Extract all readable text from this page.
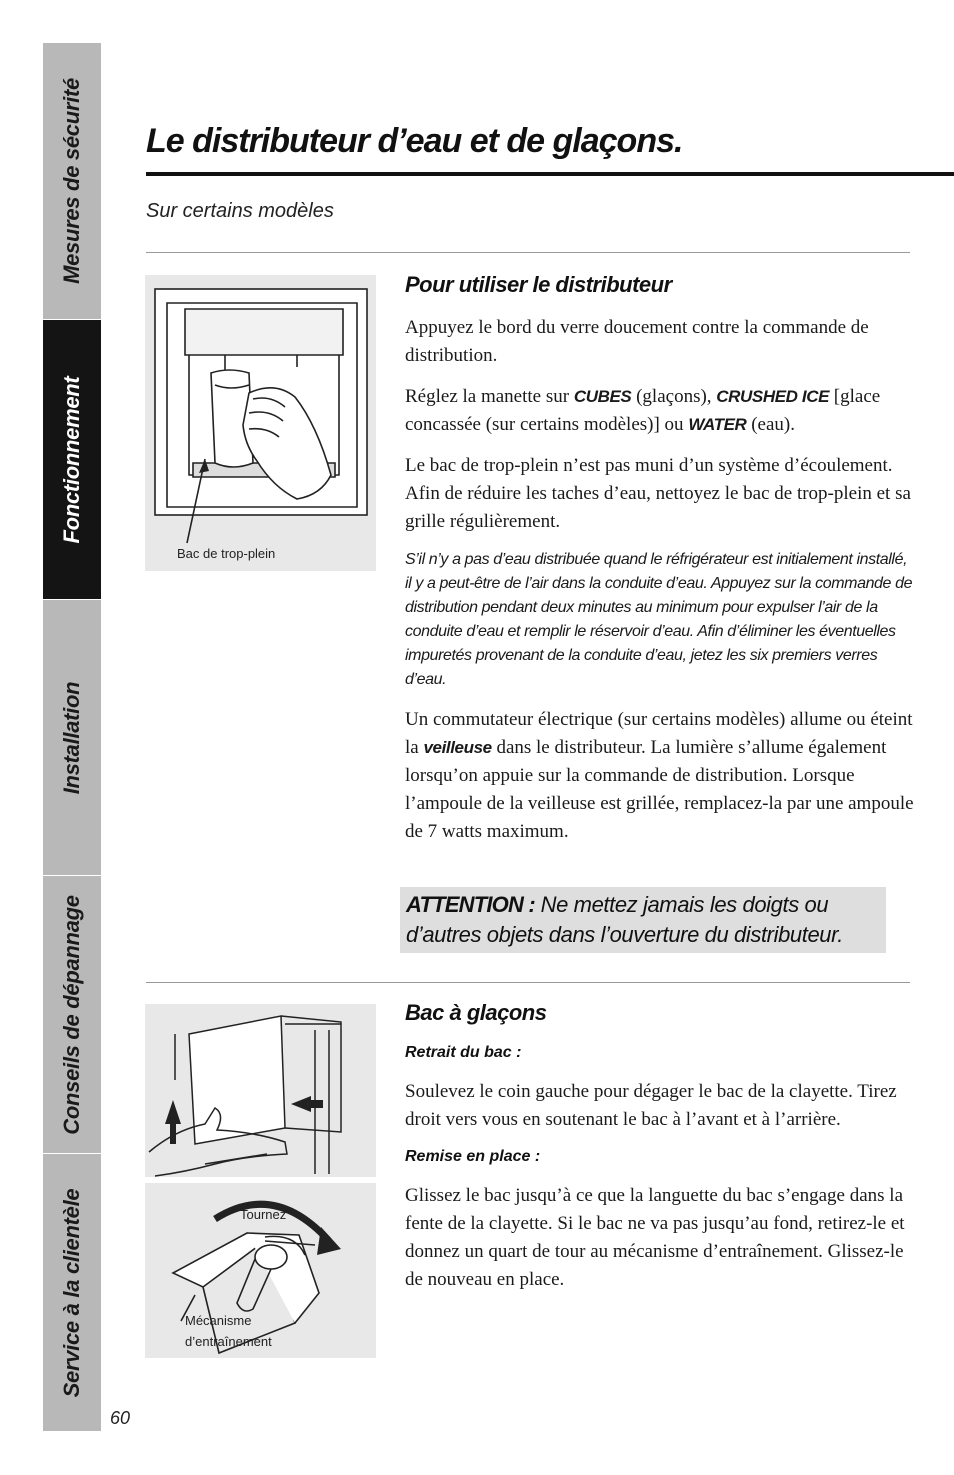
Mesures de sécurité
Fonctionnement
Installation
Conseils de dépannage
Service à la clientèle
Le distributeur d’eau et de glaçons.

Sur certains modèles

Bac de trop-plein
Pour utiliser le distributeur

Appuyez le bord du verre doucement contre la commande de distribution.

Réglez la manette sur CUBES (glaçons), CRUSHED ICE [glace concassée (sur certains modèles)] ou WATER (eau).

Le bac de trop-plein n’est pas muni d’un système d’écoulement. Afin de réduire les taches d’eau, nettoyez le bac de trop-plein et sa grille régulièrement.

S’il n’y a pas d’eau distribuée quand le réfrigérateur est initialement installé, il y a peut-être de l’air dans la conduite d’eau. Appuyez sur la commande de distribution pendant deux minutes au minimum pour expulser l’air de la conduite d’eau et remplir le réservoir d’eau. Afin d’éliminer les éventuelles impuretés provenant de la conduite d’eau, jetez les six premiers verres d’eau.

Un commutateur électrique (sur certains modèles) allume ou éteint la veilleuse dans le distributeur. La lumière s’allume également lorsqu’on appuie sur la commande de distribution. Lorsque l’ampoule de la veilleuse est grillée, remplacez-la par une ampoule de 7 watts maximum.

ATTENTION : Ne mettez jamais les doigts ou d’autres objets dans l’ouverture du distributeur.

Tournez
Mécanisme
d’entraînement
Bac à glaçons

Retrait du bac :

Soulevez le coin gauche pour dégager le bac de la clayette. Tirez droit vers vous en soutenant le bac à l’avant et à l’arrière.

Remise en place :

Glissez le bac jusqu’à ce que la languette du bac s’engage dans la fente de la clayette. Si le bac ne va pas jusqu’au fond, retirez-le et donnez un quart de tour au mécanisme d’entraînement. Glissez-le de nouveau en place.

60
